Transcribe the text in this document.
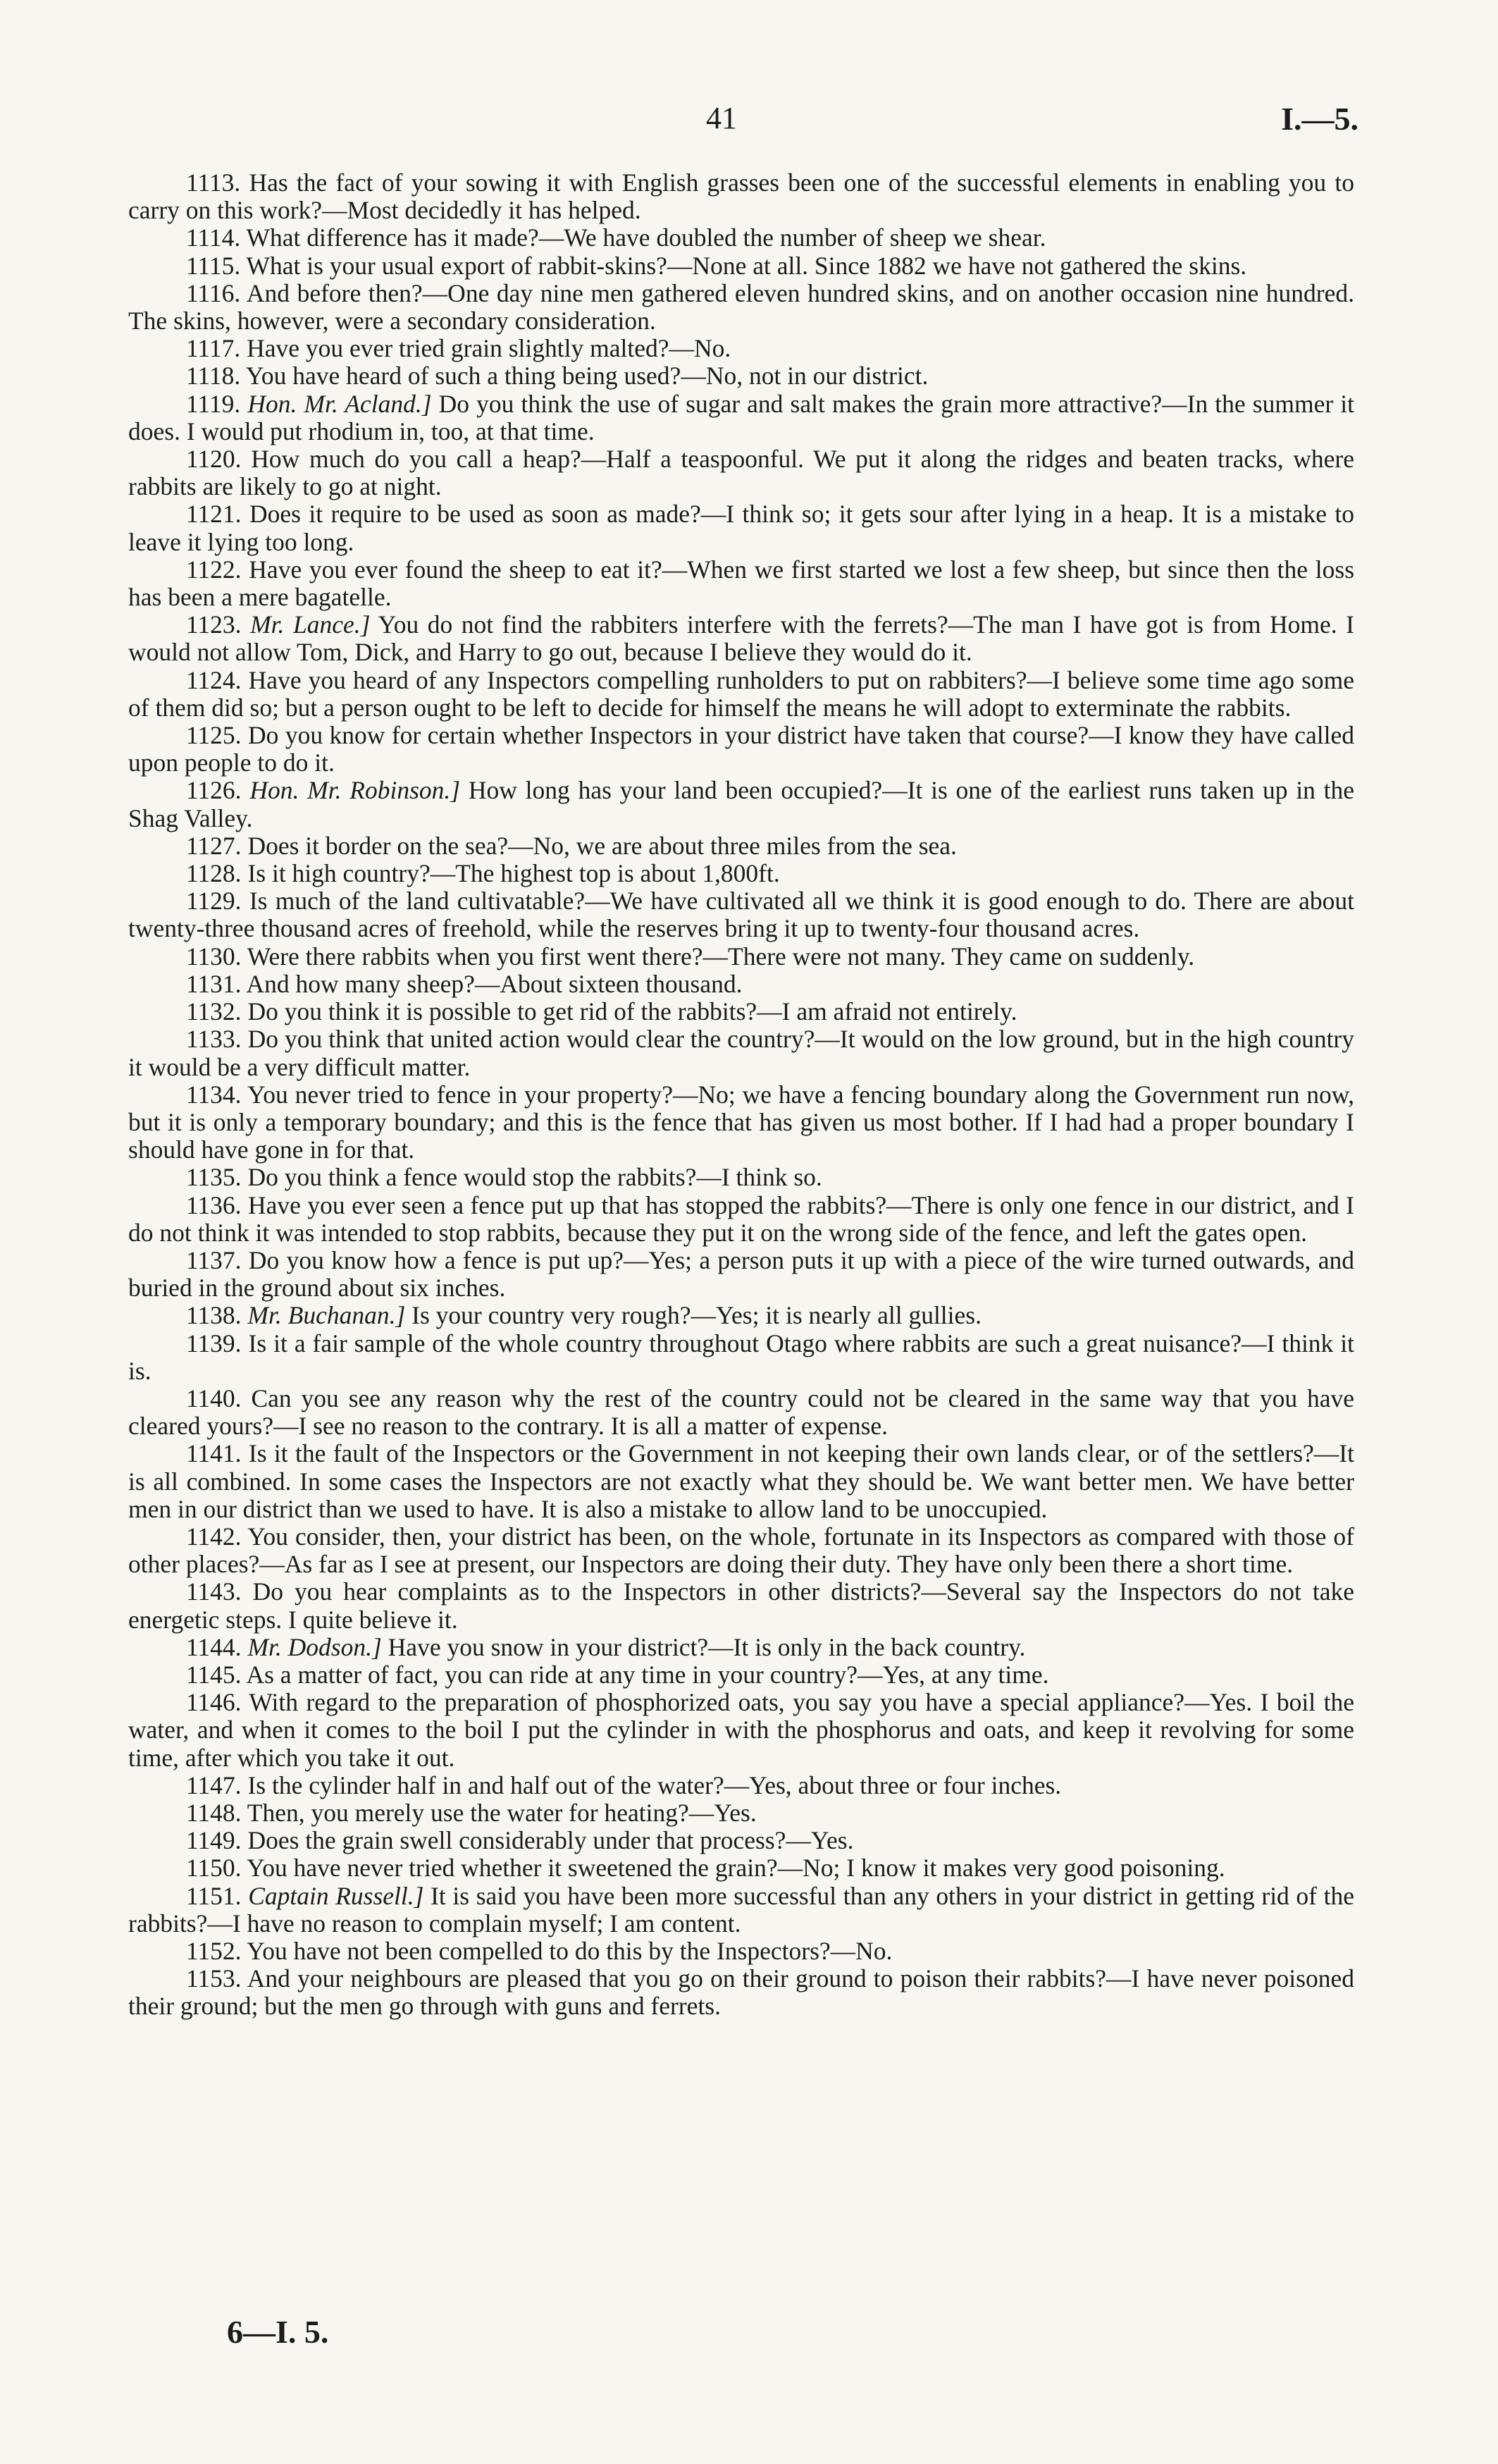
41	I.—5.

1113. Has the fact of your sowing it with English grasses been one of the successful elements in enabling you to carry on this work?—Most decidedly it has helped.

1114. What difference has it made?—We have doubled the number of sheep we shear.

1115. What is your usual export of rabbit-skins?—None at all. Since 1882 we have not gathered the skins.

1116. And before then?—One day nine men gathered eleven hundred skins, and on another occasion nine hundred. The skins, however, were a secondary consideration.

1117. Have you ever tried grain slightly malted?—No.

1118. You have heard of such a thing being used?—No, not in our district.

1119. Hon. Mr. Acland.] Do you think the use of sugar and salt makes the grain more attractive?—In the summer it does. I would put rhodium in, too, at that time.

1120. How much do you call a heap?—Half a teaspoonful. We put it along the ridges and beaten tracks, where rabbits are likely to go at night.

1121. Does it require to be used as soon as made?—I think so; it gets sour after lying in a heap. It is a mistake to leave it lying too long.

1122. Have you ever found the sheep to eat it?—When we first started we lost a few sheep, but since then the loss has been a mere bagatelle.

1123. Mr. Lance.] You do not find the rabbiters interfere with the ferrets?—The man I have got is from Home. I would not allow Tom, Dick, and Harry to go out, because I believe they would do it.

1124. Have you heard of any Inspectors compelling runholders to put on rabbiters?—I believe some time ago some of them did so; but a person ought to be left to decide for himself the means he will adopt to exterminate the rabbits.

1125. Do you know for certain whether Inspectors in your district have taken that course?—I know they have called upon people to do it.

1126. Hon. Mr. Robinson.] How long has your land been occupied?—It is one of the earliest runs taken up in the Shag Valley.

1127. Does it border on the sea?—No, we are about three miles from the sea.

1128. Is it high country?—The highest top is about 1,800ft.

1129. Is much of the land cultivatable?—We have cultivated all we think it is good enough to do. There are about twenty-three thousand acres of freehold, while the reserves bring it up to twenty-four thousand acres.

1130. Were there rabbits when you first went there?—There were not many. They came on suddenly.

1131. And how many sheep?—About sixteen thousand.

1132. Do you think it is possible to get rid of the rabbits?—I am afraid not entirely.

1133. Do you think that united action would clear the country?—It would on the low ground, but in the high country it would be a very difficult matter.

1134. You never tried to fence in your property?—No; we have a fencing boundary along the Government run now, but it is only a temporary boundary; and this is the fence that has given us most bother. If I had had a proper boundary I should have gone in for that.

1135. Do you think a fence would stop the rabbits?—I think so.

1136. Have you ever seen a fence put up that has stopped the rabbits?—There is only one fence in our district, and I do not think it was intended to stop rabbits, because they put it on the wrong side of the fence, and left the gates open.

1137. Do you know how a fence is put up?—Yes; a person puts it up with a piece of the wire turned outwards, and buried in the ground about six inches.

1138. Mr. Buchanan.] Is your country very rough?—Yes; it is nearly all gullies.

1139. Is it a fair sample of the whole country throughout Otago where rabbits are such a great nuisance?—I think it is.

1140. Can you see any reason why the rest of the country could not be cleared in the same way that you have cleared yours?—I see no reason to the contrary. It is all a matter of expense.

1141. Is it the fault of the Inspectors or the Government in not keeping their own lands clear, or of the settlers?—It is all combined. In some cases the Inspectors are not exactly what they should be. We want better men. We have better men in our district than we used to have. It is also a mistake to allow land to be unoccupied.

1142. You consider, then, your district has been, on the whole, fortunate in its Inspectors as compared with those of other places?—As far as I see at present, our Inspectors are doing their duty. They have only been there a short time.

1143. Do you hear complaints as to the Inspectors in other districts?—Several say the Inspectors do not take energetic steps. I quite believe it.

1144. Mr. Dodson.] Have you snow in your district?—It is only in the back country.

1145. As a matter of fact, you can ride at any time in your country?—Yes, at any time.

1146. With regard to the preparation of phosphorized oats, you say you have a special appliance?—Yes. I boil the water, and when it comes to the boil I put the cylinder in with the phosphorus and oats, and keep it revolving for some time, after which you take it out.

1147. Is the cylinder half in and half out of the water?—Yes, about three or four inches.

1148. Then, you merely use the water for heating?—Yes.

1149. Does the grain swell considerably under that process?—Yes.

1150. You have never tried whether it sweetened the grain?—No; I know it makes very good poisoning.

1151. Captain Russell.] It is said you have been more successful than any others in your district in getting rid of the rabbits?—I have no reason to complain myself; I am content.

1152. You have not been compelled to do this by the Inspectors?—No.

1153. And your neighbours are pleased that you go on their ground to poison their rabbits?—I have never poisoned their ground; but the men go through with guns and ferrets.

6—I. 5.
